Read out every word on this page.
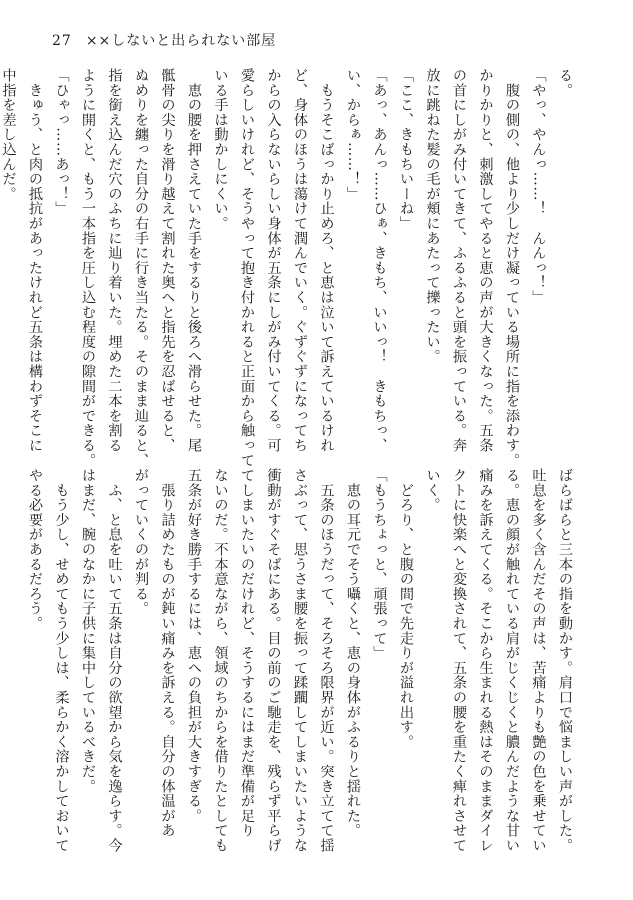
27 ××しないと出られない部屋
る。
「やっ、やんっ……！　んんっ！」
　腹の側の、他より少しだけ凝っている場所に指を添わす。
かりかりと、刺激してやると恵の声が大きくなった。五条
の首にしがみ付いてきて、ふるふると頭を振っている。奔
放に跳ねた髪の毛が頬にあたって擽ったい。
「ここ、きもちいーね」
「あっ、あんっ……ひぁ、きもち、いいっ！　きもちっ、
い、からぁ……！」
　もうそこばっかり止めろ、と恵は泣いて訴えているけれ
ど、身体のほうは蕩けて潤んでいく。ぐずぐずになってち
からの入らないらしい身体が五条にしがみ付いてくる。可
愛らしいけれど、そうやって抱き付かれると正面から触って
いる手は動かしにくい。
　恵の腰を押さえていた手をするりと後ろへ滑らせた。尾
骶骨の尖りを滑り越えて割れた奥へと指先を忍ばせると、
ぬめりを纏った自分の右手に行き当たる。そのまま辿ると、
指を銜え込んだ穴のふちに辿り着いた。埋めた二本を割る
ように開くと、もう一本指を圧し込む程度の隙間ができる。
「ひゃっ……あっ！」
　きゅう、と肉の抵抗があったけれど五条は構わずそこに
中指を差し込んだ。
ばらばらと三本の指を動かす。肩口で悩ましい声がした。
吐息を多く含んだその声は、苦痛よりも艶の色を乗せてい
る。恵の顔が触れている肩がじくじくと膿んだような甘い
痛みを訴えてくる。そこから生まれる熱はそのままダイレ
クトに快楽へと変換されて、五条の腰を重たく痺れさせて
いく。
　どろり、と腹の間で先走りが溢れ出す。
「もうちょっと、頑張って」
　恵の耳元でそう囁くと、恵の身体がふるりと揺れた。
　五条のほうだって、そろそろ限界が近い。突き立てて揺
さぶって、思うさま腰を振って蹂躙してしまいたいような
衝動がすぐそばにある。目の前のご馳走を、残らず平らげ
てしまいたいのだけれど、そうするにはまだ準備が足り
ないのだ。不本意ながら、領域のちからを借りたとしても
五条が好き勝手するには、恵への負担が大きすぎる。
　張り詰めたものが鈍い痛みを訴える。自分の体温があ
がっていくのが判る。
　ふ、と息を吐いて五条は自分の欲望から気を逸らす。今
はまだ、腕のなかに子供に集中しているべきだ。
　もう少し、せめてもう少しは、柔らかく溶かしておいて
やる必要があるだろう。
